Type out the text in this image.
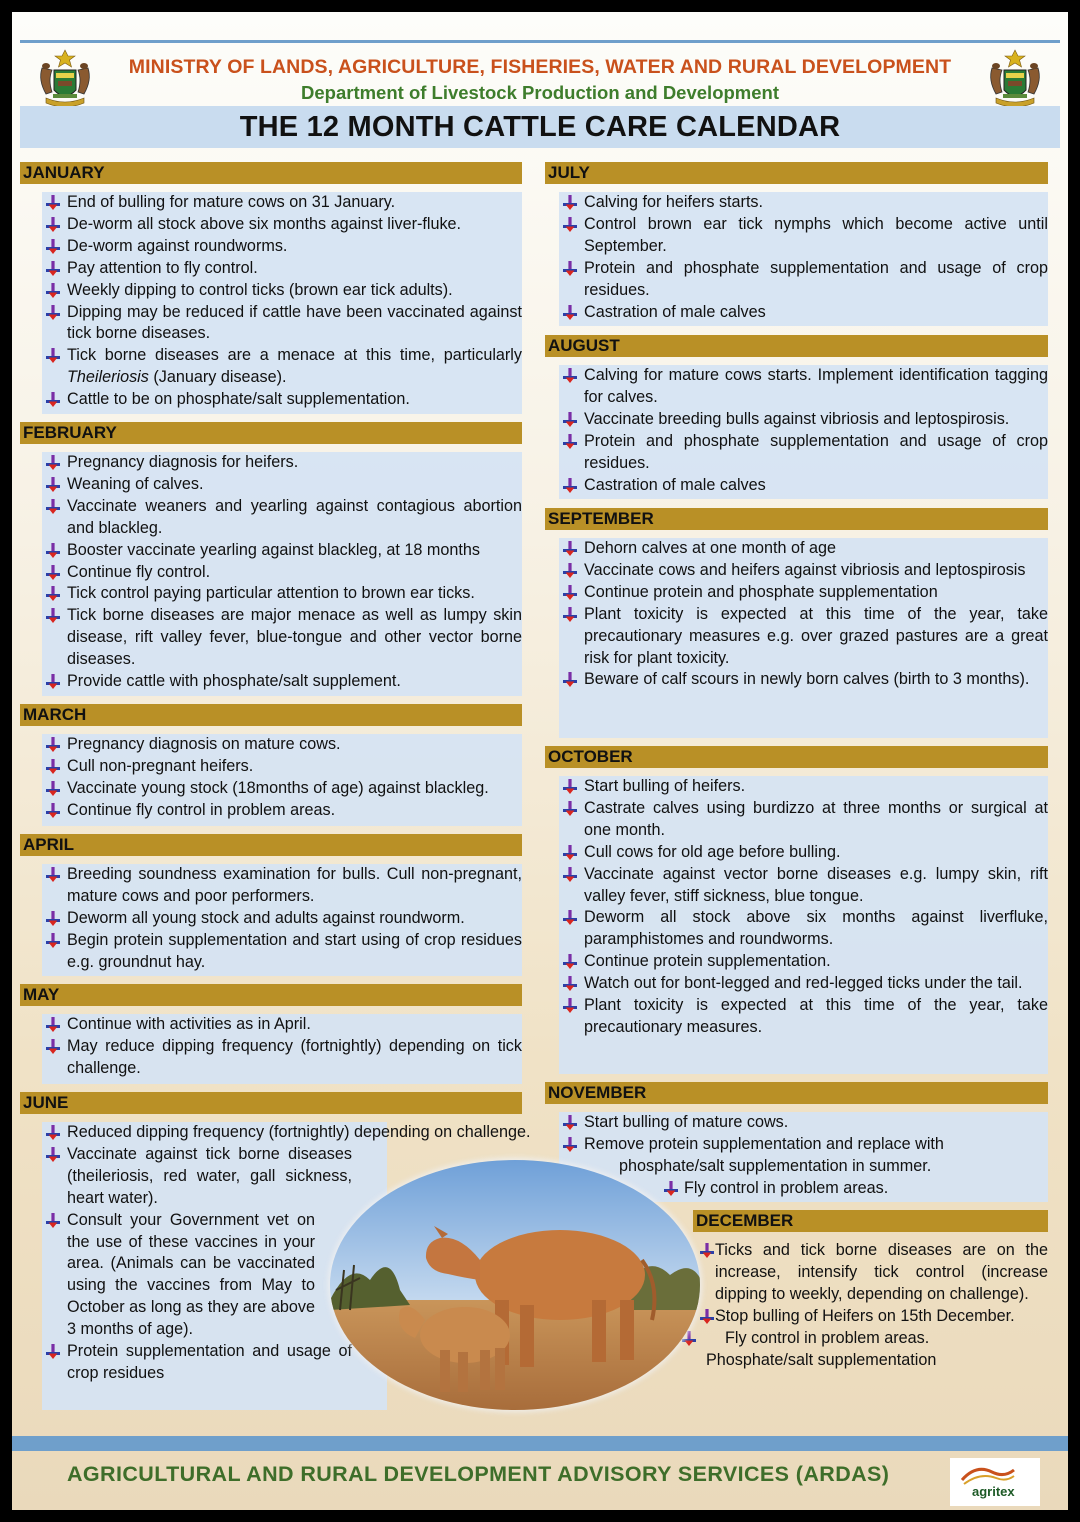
MINISTRY OF LANDS, AGRICULTURE, FISHERIES, WATER AND RURAL DEVELOPMENT
Department of Livestock Production and Development
THE 12 MONTH CATTLE CARE CALENDAR
JANUARY
End of bulling for mature cows on 31 January.
De-worm all stock above six months against liver-fluke.
De-worm against roundworms.
Pay attention to fly control.
Weekly dipping to control ticks (brown ear tick adults).
Dipping may be reduced if cattle have been vaccinated against tick borne diseases.
Tick borne diseases are a menace at this time, particularly Theileriosis (January disease).
Cattle to be on phosphate/salt supplementation.
FEBRUARY
Pregnancy diagnosis for heifers.
Weaning of calves.
Vaccinate weaners and yearling against contagious abortion and blackleg.
Booster vaccinate yearling against blackleg, at 18 months
Continue fly control.
Tick control paying particular attention to brown ear ticks.
Tick borne diseases are major menace as well as lumpy skin disease, rift valley fever, blue-tongue and other vector borne diseases.
Provide cattle with phosphate/salt supplement.
MARCH
Pregnancy diagnosis on mature cows.
Cull non-pregnant heifers.
Vaccinate young stock (18months of age) against blackleg.
Continue fly control in problem areas.
APRIL
Breeding soundness examination for bulls. Cull non-pregnant, mature cows and poor performers.
Deworm all young stock and adults against roundworm.
Begin protein supplementation and start using of crop residues e.g. groundnut hay.
MAY
Continue with activities as in April.
May reduce dipping frequency (fortnightly) depending on tick challenge.
JUNE
Reduced dipping frequency (fortnightly) depending on challenge.
Vaccinate against tick borne diseases (theileriosis, red water, gall sickness, heart water).
Consult your Government vet on the use of these vaccines in your area. (Animals can be vaccinated using the vaccines from May to October as long as they are above 3 months of age).
Protein supplementation and usage of crop residues
JULY
Calving for heifers starts.
Control brown ear tick nymphs which become active until September.
Protein and phosphate supplementation and usage of crop residues.
Castration of male calves
AUGUST
Calving for mature cows starts. Implement identification tagging for calves.
Vaccinate breeding bulls against vibriosis and leptospirosis.
Protein and phosphate supplementation and usage of crop residues.
Castration of male calves
SEPTEMBER
Dehorn calves at one month of age
Vaccinate cows and heifers against vibriosis and leptospirosis
Continue protein and phosphate supplementation
Plant toxicity is expected at this time of the year, take precautionary measures e.g. over grazed pastures are a great risk for plant toxicity.
Beware of calf scours in newly born calves (birth to 3 months).
OCTOBER
Start bulling of heifers.
Castrate calves using burdizzo at three months or surgical at one month.
Cull cows for old age before bulling.
Vaccinate against vector borne diseases e.g. lumpy skin, rift valley fever, stiff sickness, blue tongue.
Deworm all stock above six months against liverfluke, paramphistomes and roundworms.
Continue protein supplementation.
Watch out for bont-legged and red-legged ticks under the tail.
Plant toxicity is expected at this time of the year, take precautionary measures.
NOVEMBER
Start bulling of mature cows.
Remove protein supplementation and replace with
phosphate/salt supplementation in summer.
Fly control in problem areas.
DECEMBER
Ticks and tick borne diseases are on the increase, intensify tick control (increase dipping to weekly, depending on challenge).
Stop bulling of Heifers on 15th December.
Fly control in problem areas.
Phosphate/salt supplementation
AGRICULTURAL AND RURAL DEVELOPMENT ADVISORY SERVICES (ARDAS)
agritex
